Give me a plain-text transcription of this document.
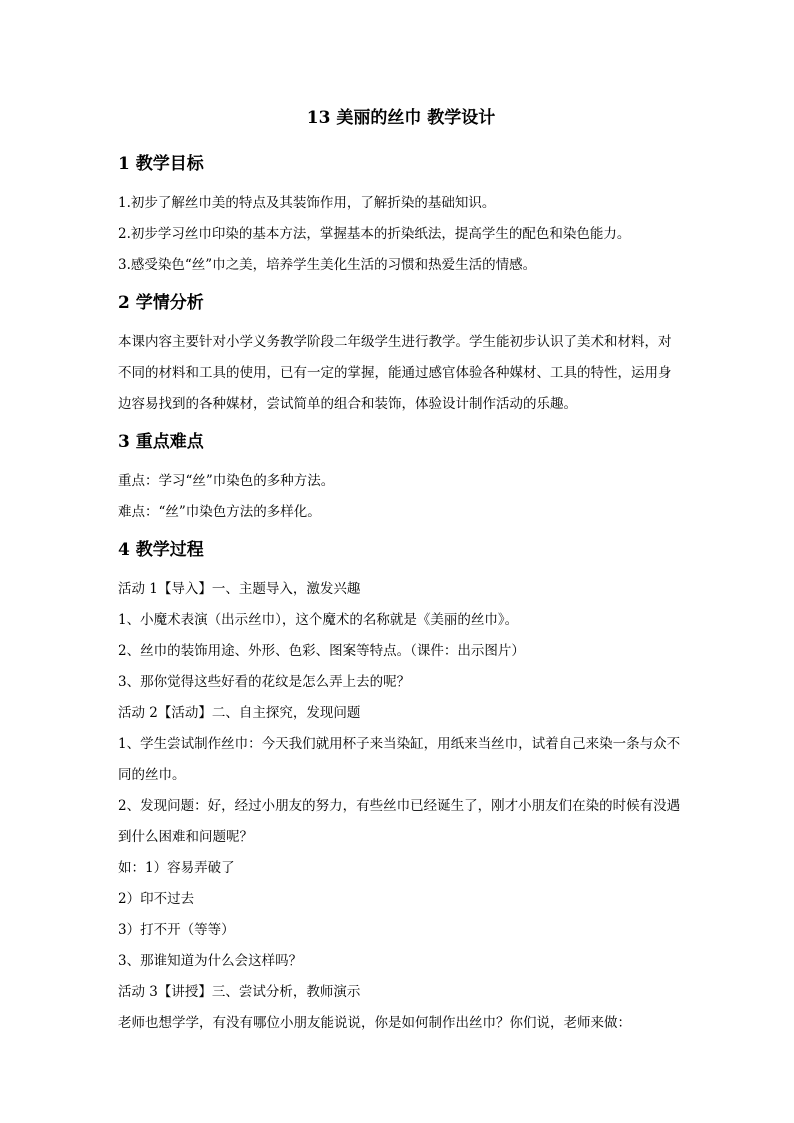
13 美丽的丝巾 教学设计
1 教学目标

1.初步了解丝巾美的特点及其装饰作用，了解折染的基础知识。

2.初步学习丝巾印染的基本方法，掌握基本的折染纸法，提高学生的配色和染色能力。

3.感受染色“丝”巾之美，培养学生美化生活的习惯和热爱生活的情感。

2 学情分析

本课内容主要针对小学义务教学阶段二年级学生进行教学。学生能初步认识了美术和材料，对不同的材料和工具的使用，已有一定的掌握，能通过感官体验各种媒材、工具的特性，运用身边容易找到的各种媒材，尝试简单的组合和装饰，体验设计制作活动的乐趣。

3 重点难点

重点：学习“丝”巾染色的多种方法。

难点：“丝”巾染色方法的多样化。

4 教学过程

活动 1【导入】一、主题导入，激发兴趣

1、小魔术表演（出示丝巾），这个魔术的名称就是《美丽的丝巾》。

2、丝巾的装饰用途、外形、色彩、图案等特点。（课件：出示图片）

3、那你觉得这些好看的花纹是怎么弄上去的呢？

活动 2【活动】二、自主探究，发现问题

1、学生尝试制作丝巾：今天我们就用杯子来当染缸，用纸来当丝巾，试着自己来染一条与众不同的丝巾。

2、发现问题：好，经过小朋友的努力，有些丝巾已经诞生了，刚才小朋友们在染的时候有没遇到什么困难和问题呢？

如：1）容易弄破了

2）印不过去

3）打不开（等等）

3、那谁知道为什么会这样吗？

活动 3【讲授】三、尝试分析，教师演示

老师也想学学，有没有哪位小朋友能说说，你是如何制作出丝巾？你们说，老师来做：
